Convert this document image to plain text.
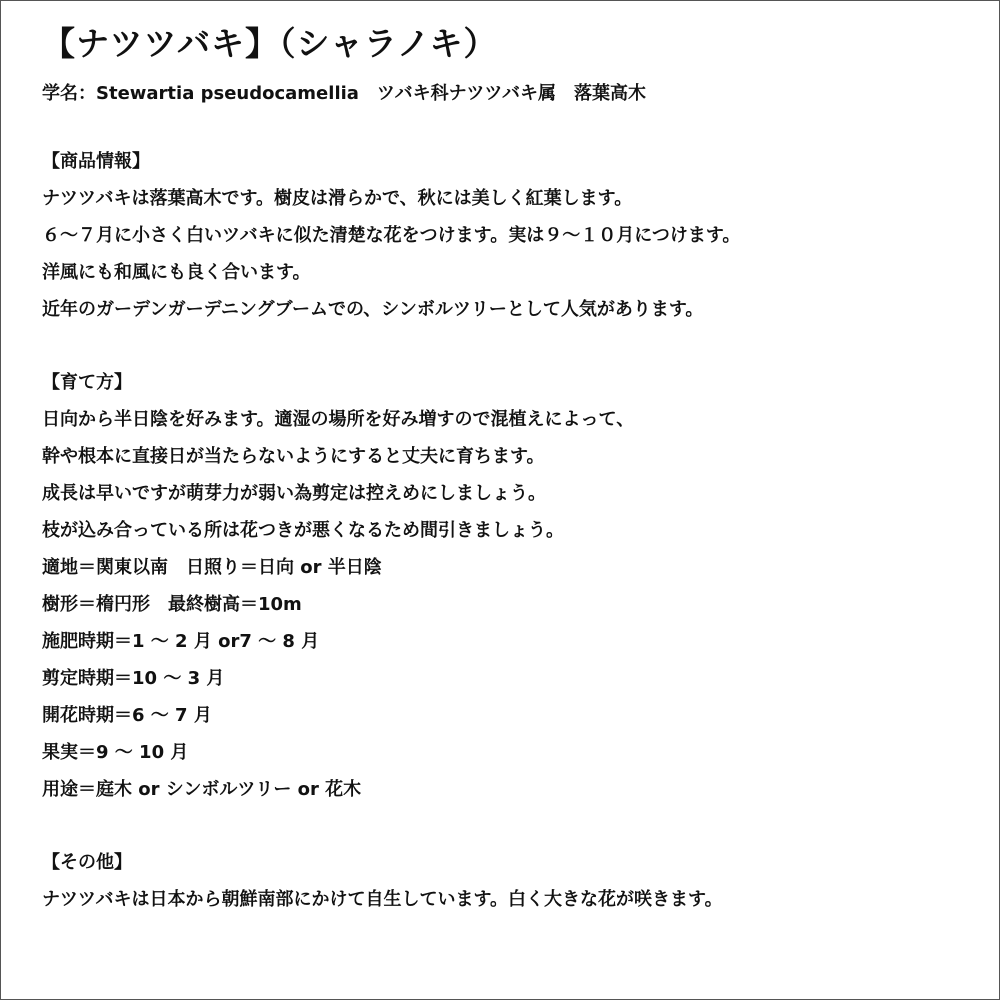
【ナツツバキ】（シャラノキ）
学名：Stewartia pseudocamellia　ツバキ科ナツツバキ属　落葉高木
【商品情報】
ナツツバキは落葉高木です。樹皮は滑らかで、秋には美しく紅葉します。
６～７月に小さく白いツバキに似た清楚な花をつけます。実は９～１０月につけます。
洋風にも和風にも良く合います。
近年のガーデンガーデニングブームでの、シンボルツリーとして人気があります。
【育て方】
日向から半日陰を好みます。適湿の場所を好み増すので混植えによって、
幹や根本に直接日が当たらないようにすると丈夫に育ちます。
成長は早いですが萌芽力が弱い為剪定は控えめにしましょう。
枝が込み合っている所は花つきが悪くなるため間引きましょう。
適地＝関東以南　日照り＝日向 or 半日陰
樹形＝楕円形　最終樹高＝10m
施肥時期＝1 ～ 2 月 or7 ～ 8 月
剪定時期＝10 ～ 3 月
開花時期＝6 ～ 7 月
果実＝9 ～ 10 月
用途＝庭木 or シンボルツリー or 花木
【その他】
ナツツバキは日本から朝鮮南部にかけて自生しています。白く大きな花が咲きます。
